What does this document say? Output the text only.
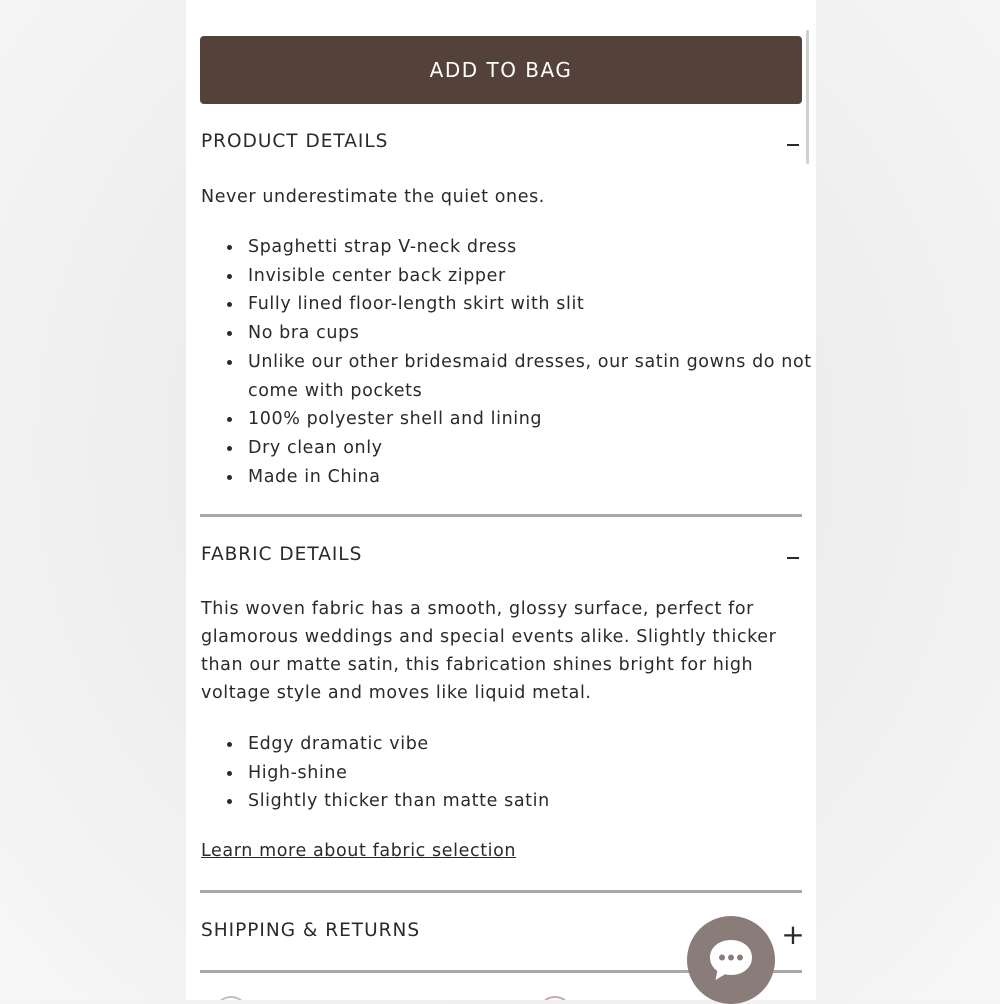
ADD TO BAG
PRODUCT DETAILS

Never underestimate the quiet ones.

Spaghetti strap V-neck dress
Invisible center back zipper
Fully lined floor-length skirt with slit
No bra cups
Unlike our other bridesmaid dresses, our satin gowns do not come with pockets
100% polyester shell and lining
Dry clean only
Made in China
FABRIC DETAILS

This woven fabric has a smooth, glossy surface, perfect for glamorous weddings and special events alike. Slightly thicker than our matte satin, this fabrication shines bright for high voltage style and moves like liquid metal.

Edgy dramatic vibe
High-shine
Slightly thicker than matte satin
Learn more about fabric selection
SHIPPING & RETURNS	+
